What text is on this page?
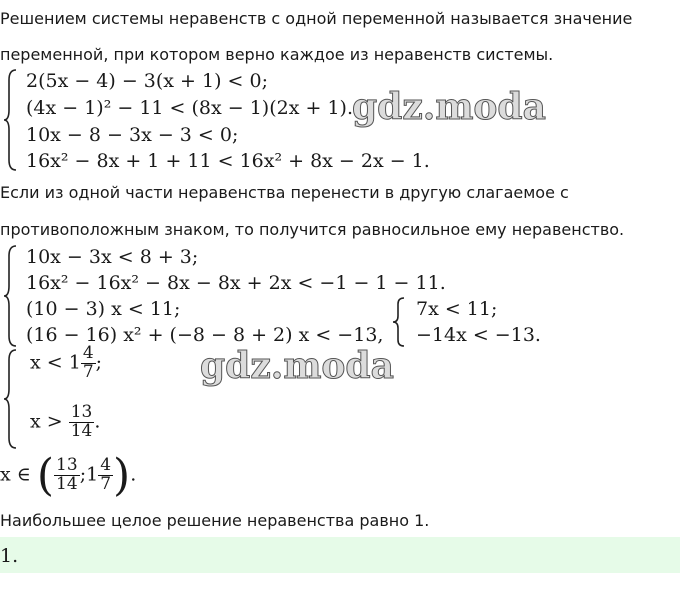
Решением системы неравенств с одной переменной называется значение
переменной, при котором верно каждое из неравенств системы.
2(5x − 4) − 3(x + 1) < 0;
(4x − 1)² − 11 < (8x − 1)(2x + 1).
10x − 8 − 3x − 3 < 0;
16x² − 8x + 1 + 11 < 16x² + 8x − 2x − 1.
gdz.moda
Если из одной части неравенства перенести в другую слагаемое с
противоположным знаком, то получится равносильное ему неравенство.
10x − 3x < 8 + 3;
16x² − 16x² − 8x − 8x + 2x < −1 − 1 − 11.
(10 − 3) x < 11;
(16 − 16) x² + (−8 − 8 + 2) x < −13,
7x < 11;
−14x < −13.
$x < 1 \frac{4}{7}$ ;
$x > \frac{13}{14}$ .
gdz.moda
x ∈ ( $\frac{13}{14}$ ;1 $\frac{4}{7}$ ).
Наибольшее целое решение неравенства равно 1.
1.
